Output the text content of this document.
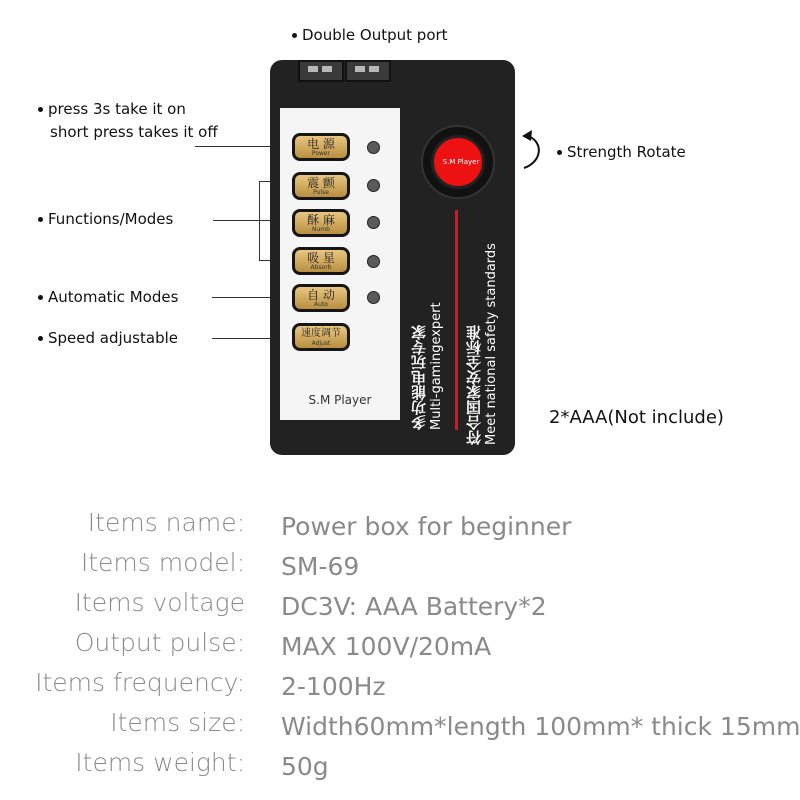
Double Output port
press 3s take it on
short press takes it off
Functions/Modes
Automatic Modes
Speed adjustable
Strength Rotate
2*AAA(Not include)
电 源
Power
震 颤
Pulse
酥 麻
Numb
吸 星
Absorb
自 动
Auto
速度调节
Adjust
S.M Player
S.M Player
多功能电玩专家 Multi-gamingexpert 符合国家安全标准 Meet national safety standards
Items name: Power box for beginner
Items model: SM-69
Items voltage DC3V: AAA Battery*2
Output pulse: MAX 100V/20mA
Items frequency: 2-100Hz
Items size: Width60mm*length 100mm* thick 15mm
Items weight: 50g
